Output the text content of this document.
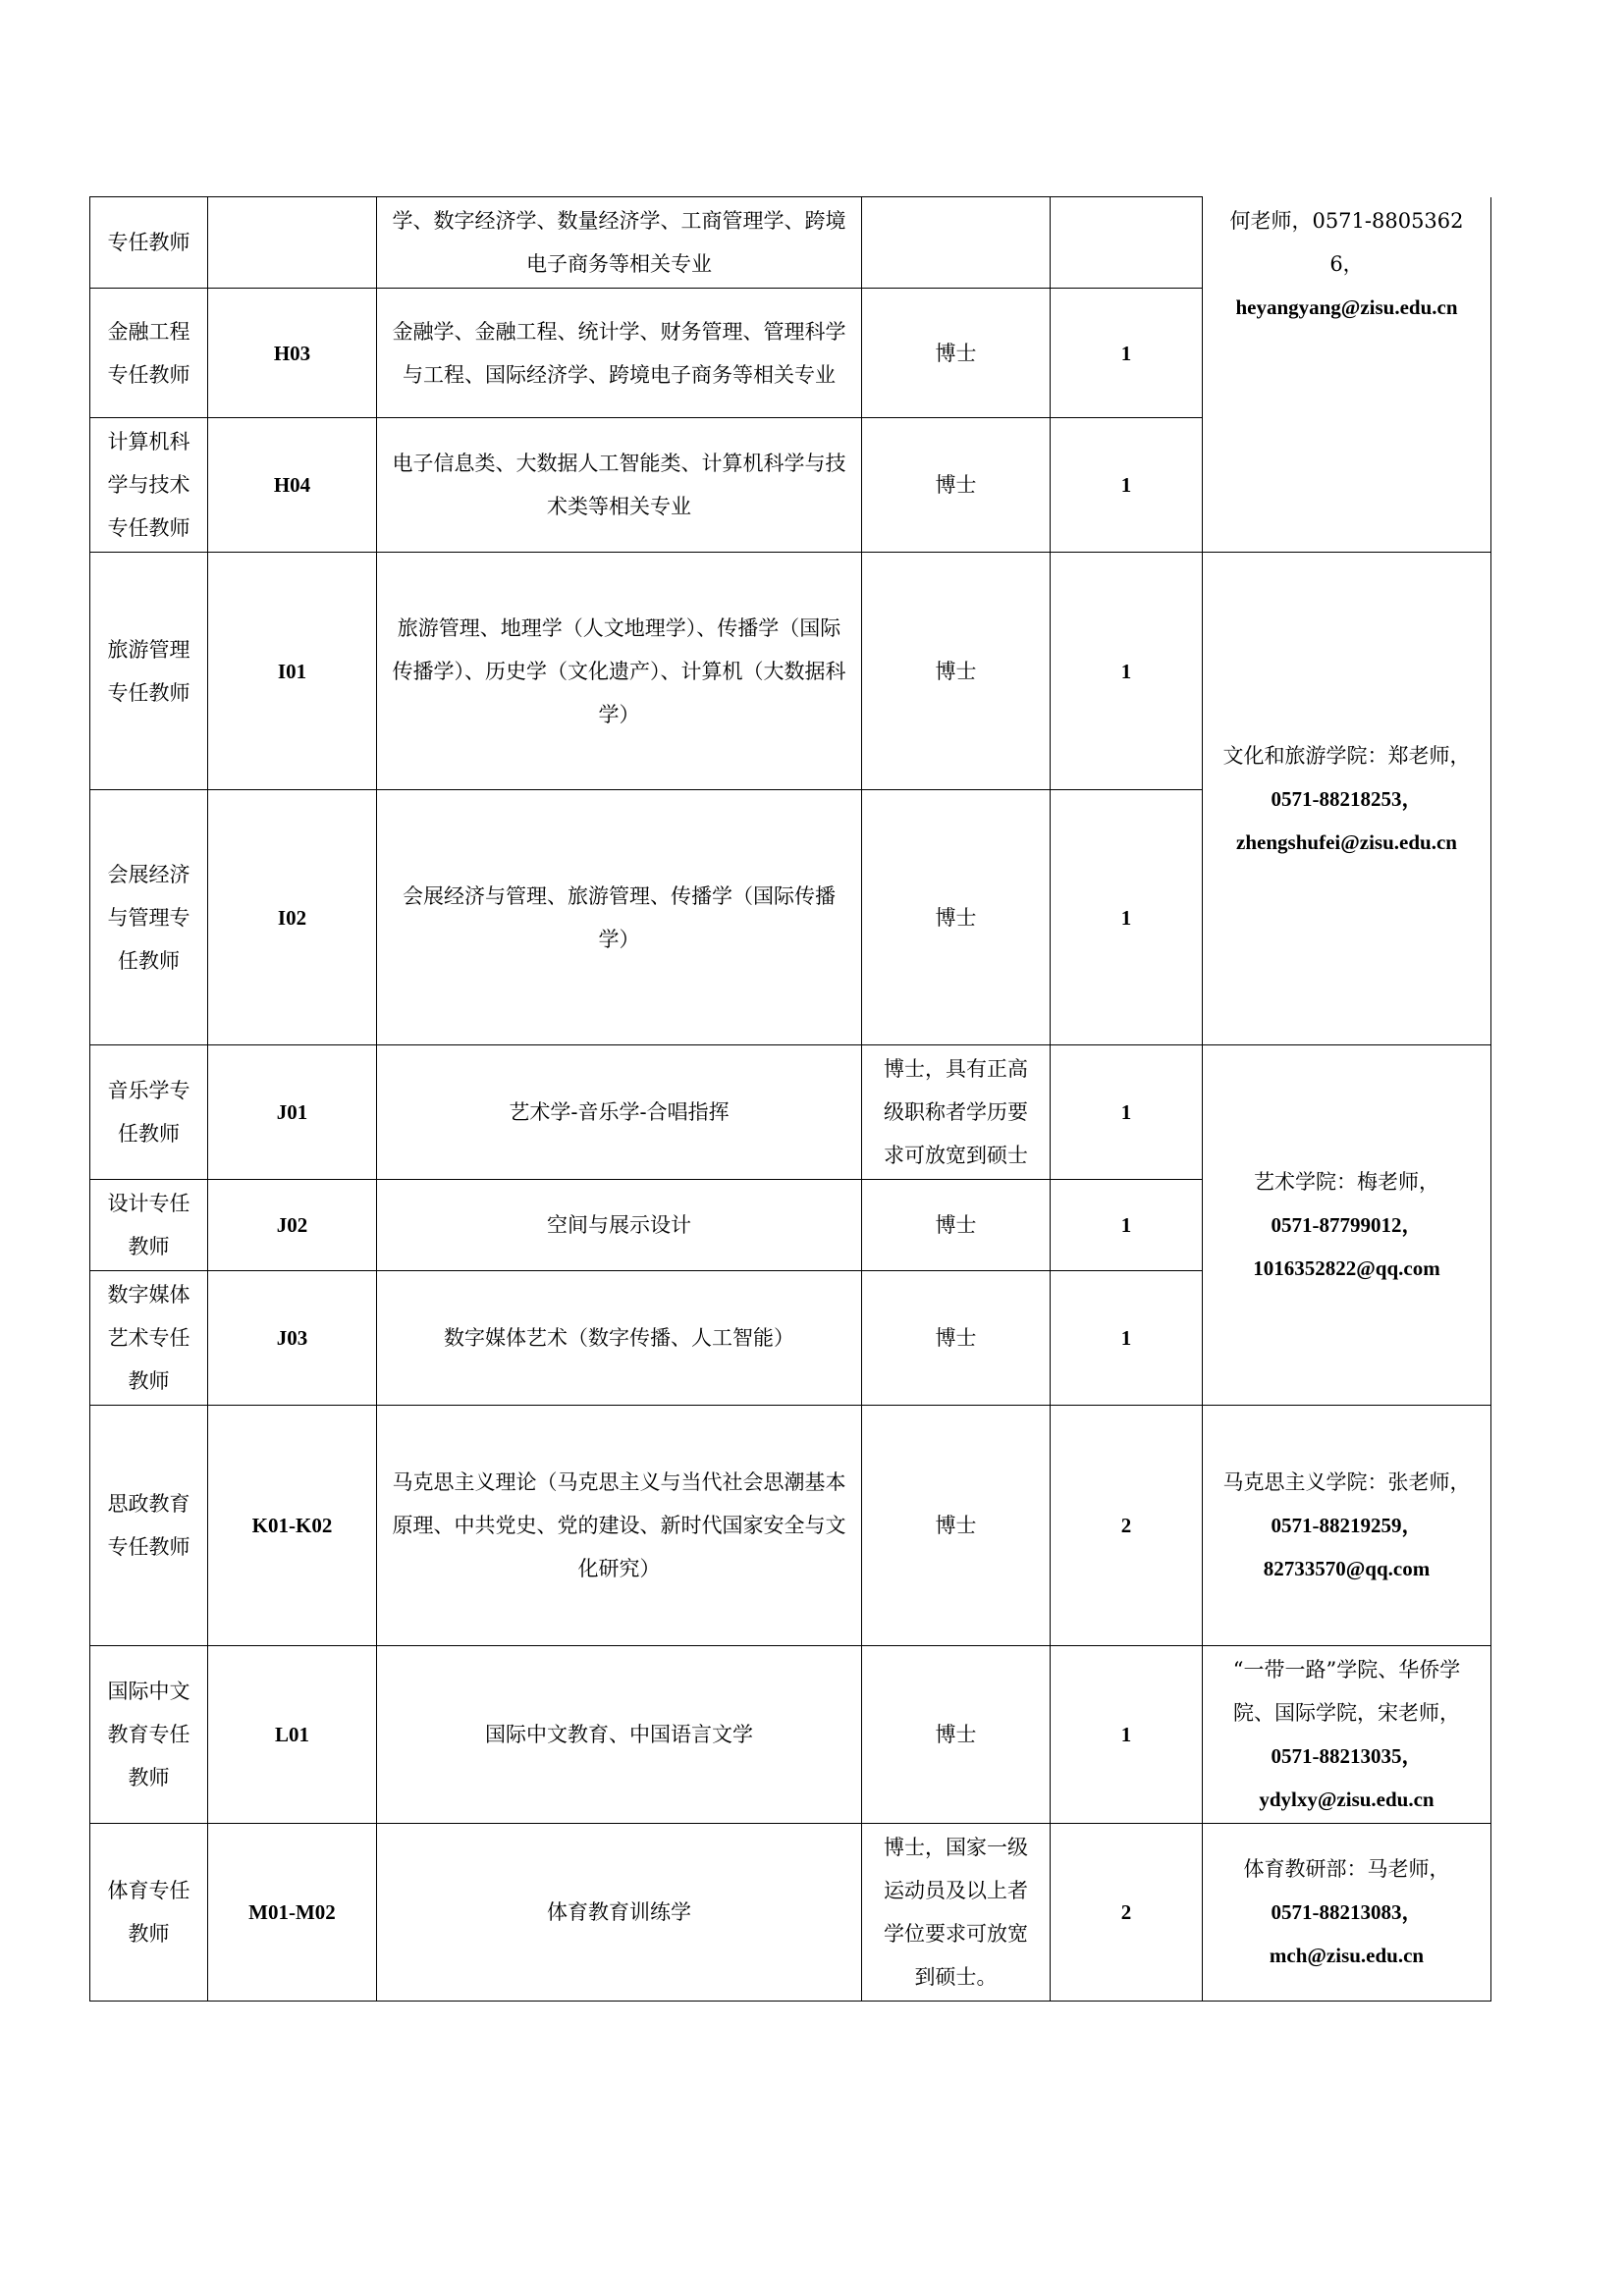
专任教师		学、数字经济学、数量经济学、工商管理学、跨境电子商务等相关专业			何老师，0571-88053626，
heyangyang@zisu.edu.cn

金融工程专任教师	H03	金融学、金融工程、统计学、财务管理、管理科学与工程、国际经济学、跨境电子商务等相关专业	博士	1	
计算机科学与技术专任教师	H04	电子信息类、大数据人工智能类、计算机科学与技术类等相关专业	博士	1	
旅游管理专任教师	I01	旅游管理、地理学（人文地理学）、传播学（国际传播学）、历史学（文化遗产）、计算机（大数据科学）	博士	1	文化和旅游学院：郑老师，
0571-88218253，
zhengshufei@zisu.edu.cn

会展经济与管理专任教师	I02	会展经济与管理、旅游管理、传播学（国际传播学）	博士	1	
音乐学专任教师	J01	艺术学-音乐学-合唱指挥	博士，具有正高级职称者学历要求可放宽到硕士	1	艺术学院：梅老师，
0571-87799012，
1016352822@qq.com

设计专任教师	J02	空间与展示设计	博士	1	
数字媒体艺术专任教师	J03	数字媒体艺术（数字传播、人工智能）	博士	1	
思政教育专任教师	K01-K02	马克思主义理论（马克思主义与当代社会思潮基本原理、中共党史、党的建设、新时代国家安全与文化研究）	博士	2	马克思主义学院：张老师，
0571-88219259，
82733570@qq.com

国际中文教育专任教师	L01	国际中文教育、中国语言文学	博士	1	“一带一路”学院、华侨学院、国际学院，宋老师，
0571-88213035，
ydylxy@zisu.edu.cn

体育专任教师	M01-M02	体育教育训练学	博士，国家一级运动员及以上者学位要求可放宽到硕士。	2	体育教研部：马老师，
0571-88213083，
mch@zisu.edu.cn
